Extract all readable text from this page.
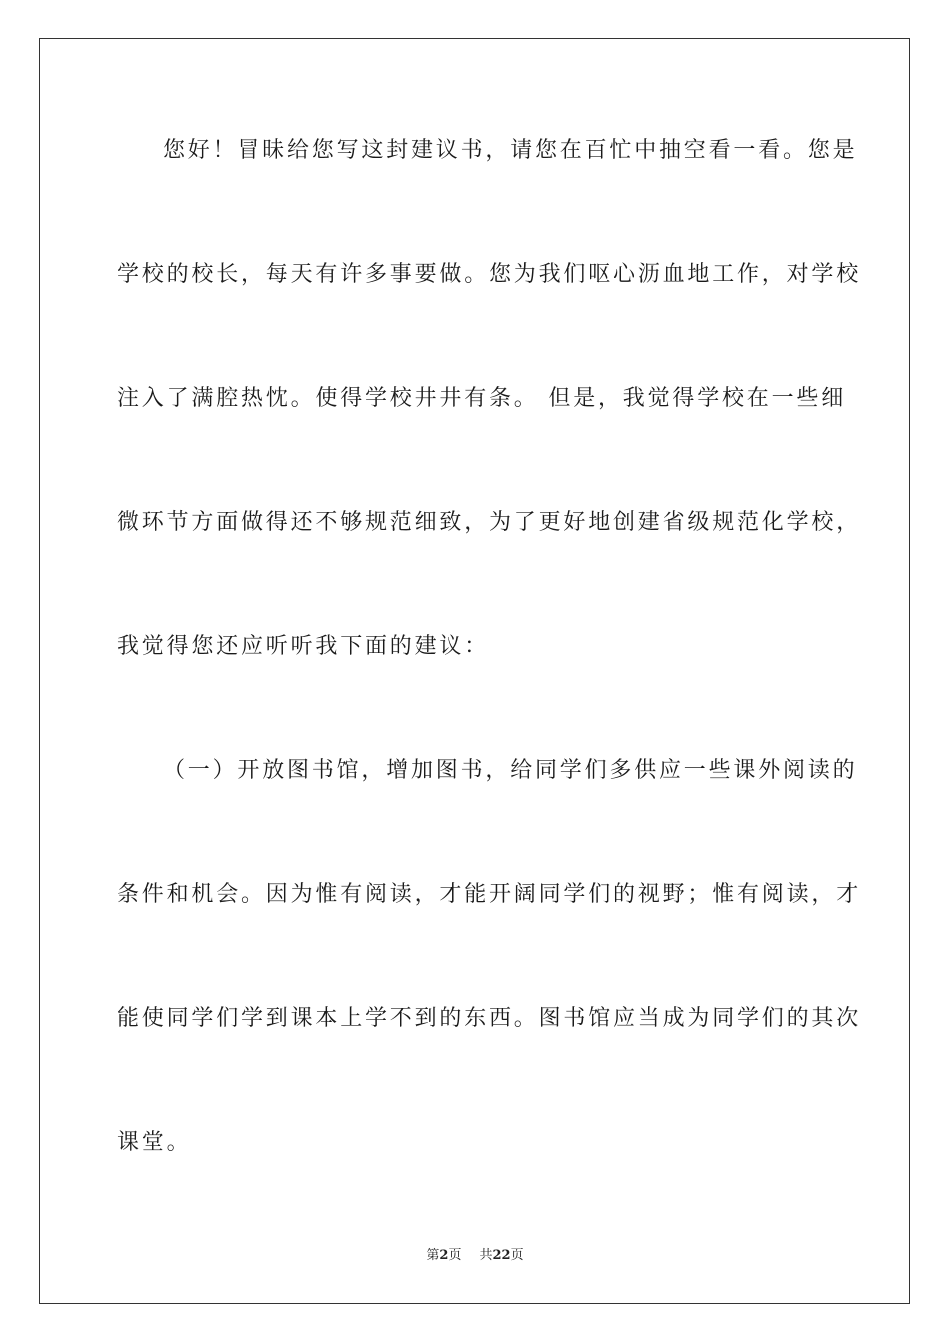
您好！冒昧给您写这封建议书，请您在百忙中抽空看一看。您是
学校的校长，每天有许多事要做。您为我们呕心沥血地工作，对学校
注入了满腔热忱。使得学校井井有条。 但是，我觉得学校在一些细
微环节方面做得还不够规范细致，为了更好地创建省级规范化学校，
我觉得您还应听听我下面的建议：
（一）开放图书馆，增加图书，给同学们多供应一些课外阅读的
条件和机会。因为惟有阅读，才能开阔同学们的视野；惟有阅读，才
能使同学们学到课本上学不到的东西。图书馆应当成为同学们的其次
课堂。
第2页 共22页
